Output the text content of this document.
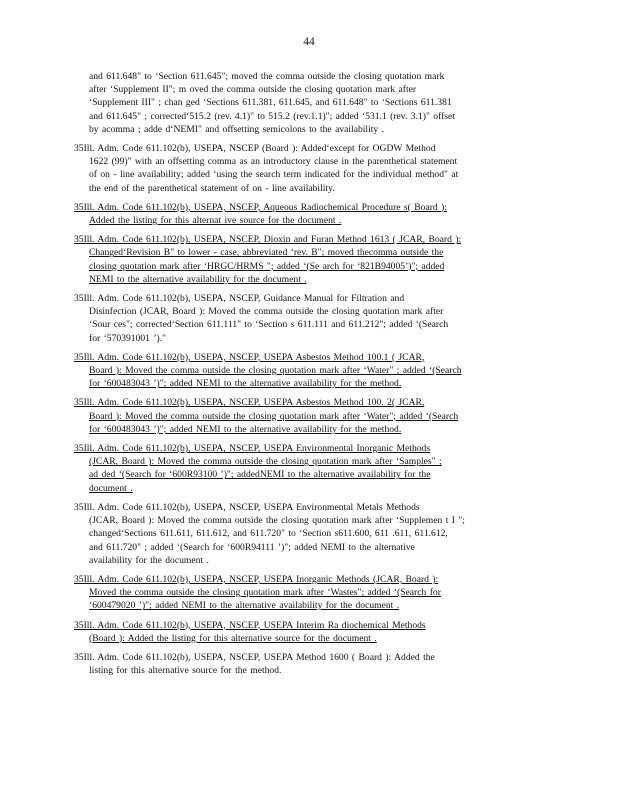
44
and 611.648" to ‘Section 611.645"; moved the comma outside the closing quotation mark
after ‘Supplement II"; m oved the comma outside the closing quotation mark after
‘Supplement III" ; chan ged ‘Sections 611.381, 611.645, and 611.648" to ‘Sections 611.381
and 611.645" ; corrected‘515.2 (rev. 4.1)" to 515.2 (rev.1.1)"; added ‘531.1 (rev. 3.1)" offset
by acomma ; adde d‘NEMI" and offsetting semicolons to the availability .
35Ill. Adm. Code 611.102(b), USEPA, NSCEP (Board ): Added‘except for OGDW Method
1622 (99)" with an offsetting comma as an introductory clause in the parenthetical statement
of on - line availability; added ‘using the search term indicated for the individual method" at
the end of the parenthetical statement of on - line availability.
35Ill. Adm. Code 611.102(b), USEPA, NSCEP, Aqueous Radiochemical Procedure s( Board ):
Added the listing for this alternat ive source for the document .
35Ill. Adm. Code 611.102(b), USEPA, NSCEP, Dioxin and Furan Method 1613 ( JCAR, Board ):
Changed‘Revision B" to lower - case, abbreviated ‘rev. B"; moved thecomma outside the
closing quotation mark after ‘HRGC/HRMS "; added ‘(Se arch for ‘821B94005’)"; added
NEMI to the alternative availability for the document .
35Ill. Adm. Code 611.102(b), USEPA, NSCEP, Guidance Manual for Filtration and
Disinfection (JCAR, Board ): Moved the comma outside the closing quotation mark after
‘Sour ces"; corrected‘Section 611.111" to ‘Section s 611.111 and 611.212"; added ‘(Search
for ‘570391001 ’)."
35Ill. Adm. Code 611.102(b), USEPA, NSCEP, USEPA Asbestos Method 100.1 ( JCAR,
Board ): Moved the comma outside the closing quotation mark after ‘Water" ; added ‘(Search
for ‘600483043 ’)"; added NEMI to the alternative availability for the method.
35Ill. Adm. Code 611.102(b), USEPA, NSCEP, USEPA Asbestos Method 100. 2( JCAR,
Board ): Moved the comma outside the closing quotation mark after ‘Water"; added ‘(Search
for ‘600483043 ’)"; added NEMI to the alternative availability for the method.
35Ill. Adm. Code 611.102(b), USEPA, NSCEP, USEPA Environmental Inorganic Methods
(JCAR, Board ): Moved the comma outside the closing quotation mark after ‘Samples" ;
ad ded ‘(Search for ‘600R93100 ’)"; addedNEMI to the alternative availability for the
document .
35Ill. Adm. Code 611.102(b), USEPA, NSCEP, USEPA Environmental Metals Methods
(JCAR, Board ): Moved the comma outside the closing quotation mark after ‘Supplemen t I ";
changed‘Sections 611.611, 611.612, and 611.720" to ‘Section s611.600, 611 .611, 611.612,
and 611.720" ; added ‘(Search for ‘600R94111 ’)"; added NEMI to the alternative
availability for the document .
35Ill. Adm. Code 611.102(b), USEPA, NSCEP, USEPA Inorganic Methods (JCAR, Board ):
Moved the comma outside the closing quotation mark after ‘Wastes"; added ‘(Search for
‘600479020 ’)"; added NEMI to the alternative availability for the document .
35Ill. Adm. Code 611.102(b), USEPA, NSCEP, USEPA Interim Ra diochemical Methods
(Board ): Added the listing for this alternative source for the document .
35Ill. Adm. Code 611.102(b), USEPA, NSCEP, USEPA Method 1600 ( Board ): Added the
listing for this alternative source for the method.
